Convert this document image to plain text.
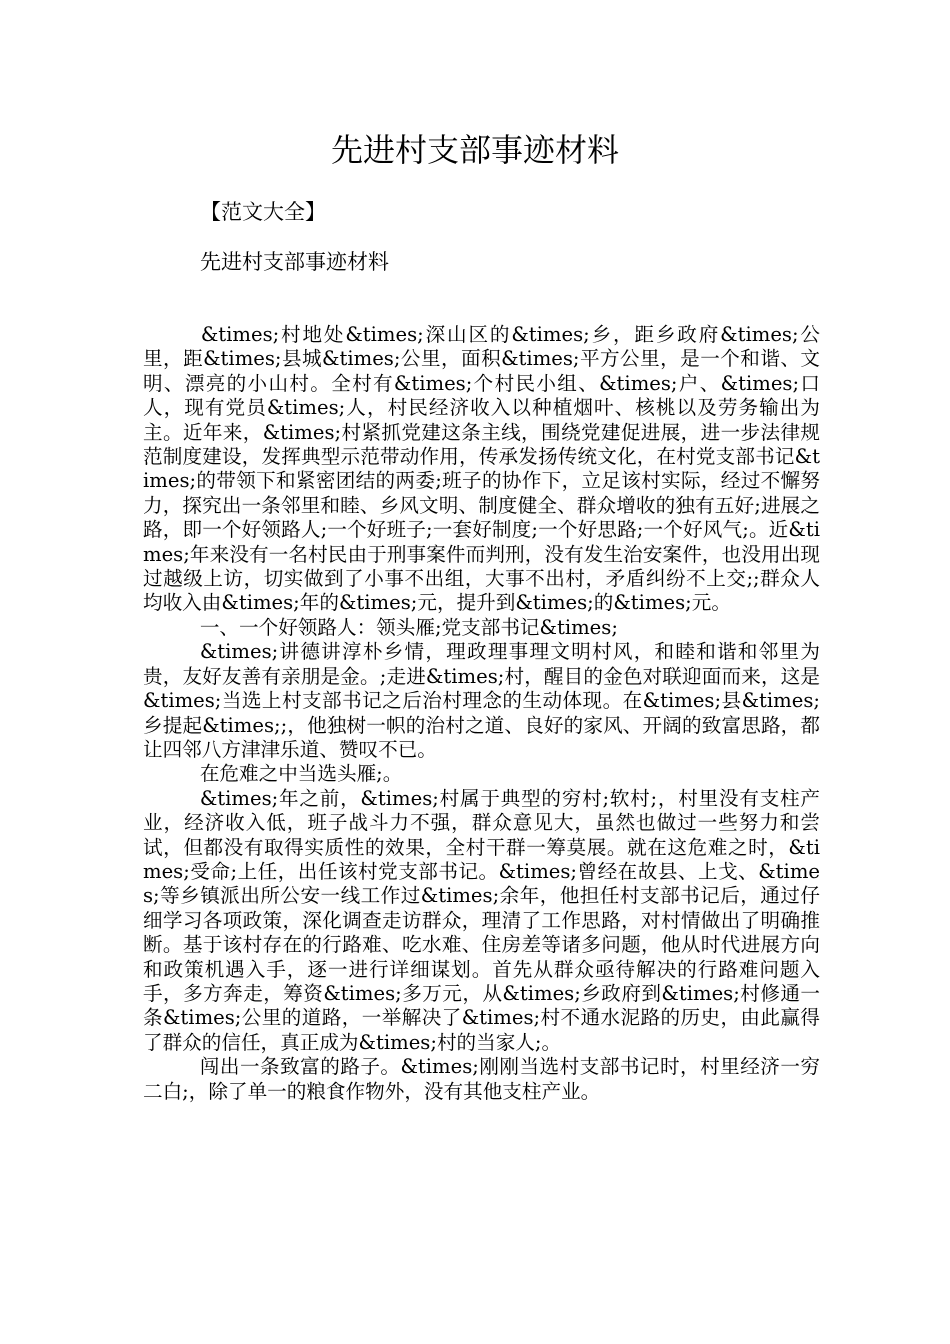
先进村支部事迹材料

【范文大全】

先进村支部事迹材料

&times;村地处&times;深山区的&times;乡，距乡政府&times;公里，距&times;县城&times;公里，面积&times;平方公里，是一个和谐、文明、漂亮的小山村。全村有&times;个村民小组、&times;户、&times;口人，现有党员&times;人，村民经济收入以种植烟叶、核桃以及劳务输出为主。近年来，&times;村紧抓党建这条主线，围绕党建促进展，进一步法律规范制度建设，发挥典型示范带动作用，传承发扬传统文化，在村党支部书记&times;的带领下和紧密团结的两委;班子的协作下，立足该村实际，经过不懈努力，探究出一条邻里和睦、乡风文明、制度健全、群众增收的独有五好;进展之路，即一个好领路人;一个好班子;一套好制度;一个好思路;一个好风气;。近&times;年来没有一名村民由于刑事案件而判刑，没有发生治安案件，也没用出现过越级上访，切实做到了小事不出组，大事不出村，矛盾纠纷不上交;;群众人均收入由&times;年的&times;元，提升到&times;的&times;元。

一、一个好领路人：领头雁;党支部书记&times;

&times;讲德讲淳朴乡情，理政理事理文明村风，和睦和谐和邻里为贵，友好友善有亲朋是金。;走进&times;村，醒目的金色对联迎面而来，这是&times;当选上村支部书记之后治村理念的生动体现。在&times;县&times;乡提起&times;;，他独树一帜的治村之道、良好的家风、开阔的致富思路，都让四邻八方津津乐道、赞叹不已。

在危难之中当选头雁;。

&times;年之前，&times;村属于典型的穷村;软村;，村里没有支柱产业，经济收入低，班子战斗力不强，群众意见大，虽然也做过一些努力和尝试，但都没有取得实质性的效果，全村干群一筹莫展。就在这危难之时，&times;受命;上任，出任该村党支部书记。&times;曾经在故县、上戈、&times;等乡镇派出所公安一线工作过&times;余年，他担任村支部书记后，通过仔细学习各项政策，深化调查走访群众，理清了工作思路，对村情做出了明确推断。基于该村存在的行路难、吃水难、住房差等诸多问题，他从时代进展方向和政策机遇入手，逐一进行详细谋划。首先从群众亟待解决的行路难问题入手，多方奔走，筹资&times;多万元，从&times;乡政府到&times;村修通一条&times;公里的道路，一举解决了&times;村不通水泥路的历史，由此赢得了群众的信任，真正成为&times;村的当家人;。

闯出一条致富的路子。&times;刚刚当选村支部书记时，村里经济一穷二白;，除了单一的粮食作物外，没有其他支柱产业。
